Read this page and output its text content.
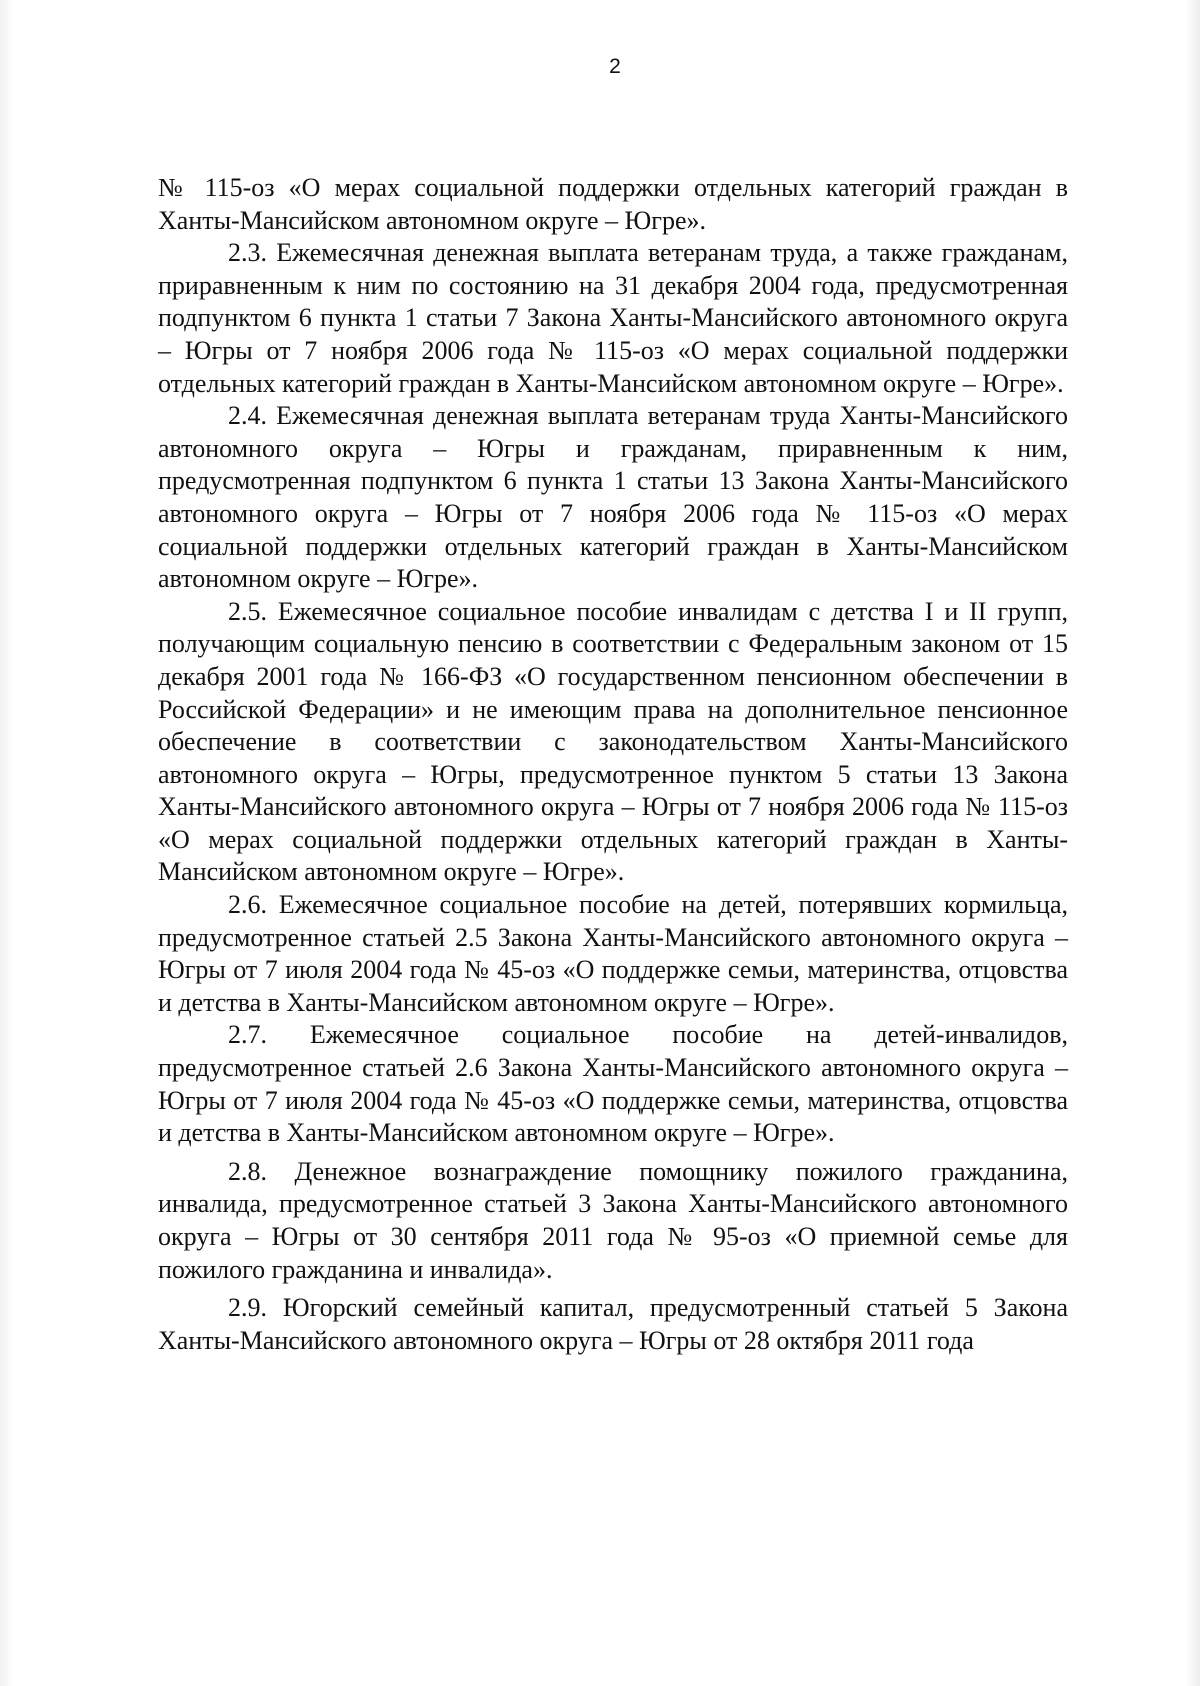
2

№ 115-оз «О мерах социальной поддержки отдельных категорий граждан в Ханты-Мансийском автономном округе – Югре».

2.3. Ежемесячная денежная выплата ветеранам труда, а также гражданам, приравненным к ним по состоянию на 31 декабря 2004 года, предусмотренная подпунктом 6 пункта 1 статьи 7 Закона Ханты-Мансийского автономного округа – Югры от 7 ноября 2006 года № 115-оз «О мерах социальной поддержки отдельных категорий граждан в Ханты-Мансийском автономном округе – Югре».

2.4. Ежемесячная денежная выплата ветеранам труда Ханты-Мансийского автономного округа – Югры и гражданам, приравненным к ним, предусмотренная подпунктом 6 пункта 1 статьи 13 Закона Ханты-Мансийского автономного округа – Югры от 7 ноября 2006 года № 115-оз «О мерах социальной поддержки отдельных категорий граждан в Ханты-Мансийском автономном округе – Югре».

2.5. Ежемесячное социальное пособие инвалидам с детства I и II групп, получающим социальную пенсию в соответствии с Федеральным законом от 15 декабря 2001 года № 166-ФЗ «О государственном пенсионном обеспечении в Российской Федерации» и не имеющим права на дополнительное пенсионное обеспечение в соответствии с законодательством Ханты-Мансийского автономного округа – Югры, предусмотренное пунктом 5 статьи 13 Закона Ханты-Мансийского автономного округа – Югры от 7 ноября 2006 года № 115-оз «О мерах социальной поддержки отдельных категорий граждан в Ханты-Мансийском автономном округе – Югре».

2.6. Ежемесячное социальное пособие на детей, потерявших кормильца, предусмотренное статьей 2.5 Закона Ханты-Мансийского автономного округа – Югры от 7 июля 2004 года № 45-оз «О поддержке семьи, материнства, отцовства и детства в Ханты-Мансийском автономном округе – Югре».

2.7. Ежемесячное социальное пособие на детей-инвалидов, предусмотренное статьей 2.6 Закона Ханты-Мансийского автономного округа – Югры от 7 июля 2004 года № 45-оз «О поддержке семьи, материнства, отцовства и детства в Ханты-Мансийском автономном округе – Югре».

2.8. Денежное вознаграждение помощнику пожилого гражданина, инвалида, предусмотренное статьей 3 Закона Ханты-Мансийского автономного округа – Югры от 30 сентября 2011 года № 95-оз «О приемной семье для пожилого гражданина и инвалида».

2.9. Югорский семейный капитал, предусмотренный статьей 5 Закона Ханты-Мансийского автономного округа – Югры от 28 октября 2011 года
